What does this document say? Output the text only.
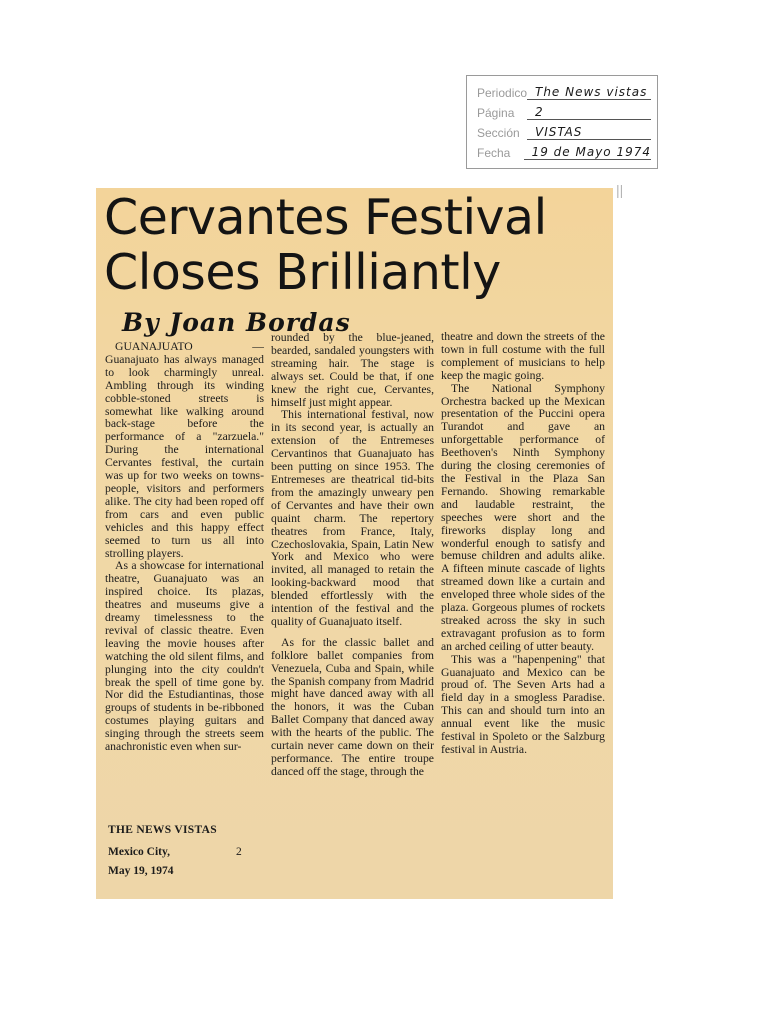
Periodico The News vistas
Página	2
Sección	VISTAS
Fecha	19 de Mayo 1974
||
Cervantes Festival
Closes Brilliantly
By Joan Bordas

GUANAJUATO — Guanajuato has always managed to look charmingly unreal. Ambling through its winding cobble-stoned streets is somewhat like walking around back-stage before the performance of a "zarzuela." During the international Cervantes festival, the curtain was up for two weeks on towns-people, visitors and performers alike. The city had been roped off from cars and even public vehicles and this happy effect seemed to turn us all into strolling players.

As a showcase for international theatre, Guanajuato was an inspired choice. Its plazas, theatres and museums give a dreamy timelessness to the revival of classic theatre. Even leaving the movie houses after watching the old silent films, and plunging into the city couldn't break the spell of time gone by. Nor did the Estudiantinas, those groups of students in be-ribboned costumes playing guitars and singing through the streets seem anachronistic even when sur-

rounded by the blue-jeaned, bearded, sandaled youngsters with streaming hair. The stage is always set. Could be that, if one knew the right cue, Cervantes, himself just might appear.

This international festival, now in its second year, is actually an extension of the Entremeses Cervantinos that Guanajuato has been putting on since 1953. The Entremeses are theatrical tid-bits from the amazingly unweary pen of Cervantes and have their own quaint charm. The repertory theatres from France, Italy, Czechoslovakia, Spain, Latin New York and Mexico who were invited, all managed to retain the looking-backward mood that blended effortlessly with the intention of the festival and the quality of Guanajuato itself.

As for the classic ballet and folklore ballet companies from Venezuela, Cuba and Spain, while the Spanish company from Madrid might have danced away with all the honors, it was the Cuban Ballet Company that danced away with the hearts of the public. The curtain never came down on their performance. The entire troupe danced off the stage, through the

theatre and down the streets of the town in full costume with the full complement of musicians to help keep the magic going.

The National Symphony Orchestra backed up the Mexican presentation of the Puccini opera Turandot and gave an unforgettable performance of Beethoven's Ninth Symphony during the closing ceremonies of the Festival in the Plaza San Fernando. Showing remarkable and laudable restraint, the speeches were short and the fireworks display long and wonderful enough to satisfy and bemuse children and adults alike. A fifteen minute cascade of lights streamed down like a curtain and enveloped three whole sides of the plaza. Gorgeous plumes of rockets streaked across the sky in such extravagant profusion as to form an arched ceiling of utter beauty.

This was a "hapenpening" that Guanajuato and Mexico can be proud of. The Seven Arts had a field day in a smogless Paradise. This can and should turn into an annual event like the music festival in Spoleto or the Salzburg festival in Austria.

THE NEWS VISTAS
Mexico City,	2
May 19, 1974
